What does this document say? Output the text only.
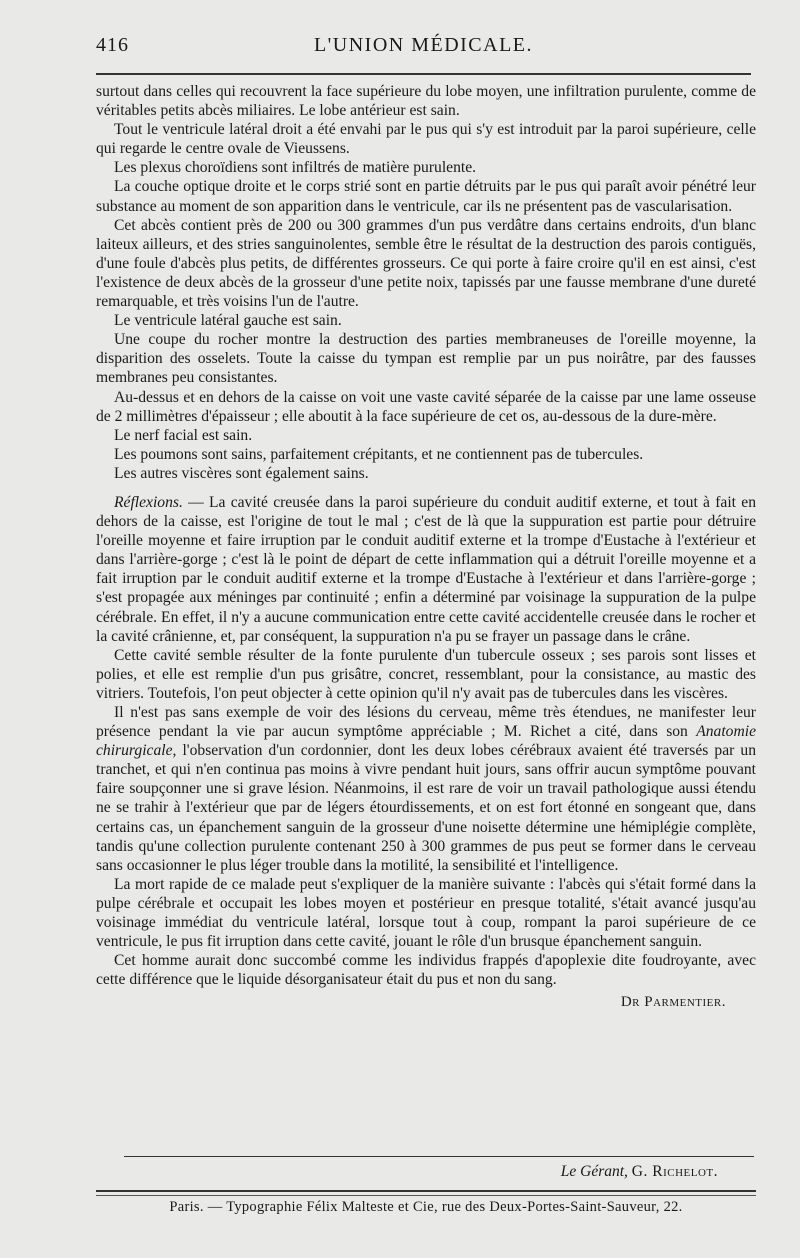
416	L'UNION MÉDICALE.

surtout dans celles qui recouvrent la face supérieure du lobe moyen, une infiltration purulente, comme de véritables petits abcès miliaires. Le lobe antérieur est sain.

Tout le ventricule latéral droit a été envahi par le pus qui s'y est introduit par la paroi supérieure, celle qui regarde le centre ovale de Vieussens.

Les plexus choroïdiens sont infiltrés de matière purulente.

La couche optique droite et le corps strié sont en partie détruits par le pus qui paraît avoir pénétré leur substance au moment de son apparition dans le ventricule, car ils ne présentent pas de vascularisation.

Cet abcès contient près de 200 ou 300 grammes d'un pus verdâtre dans certains endroits, d'un blanc laiteux ailleurs, et des stries sanguinolentes, semble être le résultat de la destruction des parois contiguës, d'une foule d'abcès plus petits, de différentes grosseurs. Ce qui porte à faire croire qu'il en est ainsi, c'est l'existence de deux abcès de la grosseur d'une petite noix, tapissés par une fausse membrane d'une dureté remarquable, et très voisins l'un de l'autre.

Le ventricule latéral gauche est sain.

Une coupe du rocher montre la destruction des parties membraneuses de l'oreille moyenne, la disparition des osselets. Toute la caisse du tympan est remplie par un pus noirâtre, par des fausses membranes peu consistantes.

Au-dessus et en dehors de la caisse on voit une vaste cavité séparée de la caisse par une lame osseuse de 2 millimètres d'épaisseur ; elle aboutit à la face supérieure de cet os, au-dessous de la dure-mère.

Le nerf facial est sain.

Les poumons sont sains, parfaitement crépitants, et ne contiennent pas de tubercules.

Les autres viscères sont également sains.

Réflexions. — La cavité creusée dans la paroi supérieure du conduit auditif externe, et tout à fait en dehors de la caisse, est l'origine de tout le mal ; c'est de là que la suppuration est partie pour détruire l'oreille moyenne et faire irruption par le conduit auditif externe et la trompe d'Eustache à l'extérieur et dans l'arrière-gorge ; c'est là le point de départ de cette inflammation qui a détruit l'oreille moyenne et a fait irruption par le conduit auditif externe et la trompe d'Eustache à l'extérieur et dans l'arrière-gorge ; s'est propagée aux méninges par continuité ; enfin a déterminé par voisinage la suppuration de la pulpe cérébrale. En effet, il n'y a aucune communication entre cette cavité accidentelle creusée dans le rocher et la cavité crânienne, et, par conséquent, la suppuration n'a pu se frayer un passage dans le crâne.

Cette cavité semble résulter de la fonte purulente d'un tubercule osseux ; ses parois sont lisses et polies, et elle est remplie d'un pus grisâtre, concret, ressemblant, pour la consistance, au mastic des vitriers. Toutefois, l'on peut objecter à cette opinion qu'il n'y avait pas de tubercules dans les viscères.

Il n'est pas sans exemple de voir des lésions du cerveau, même très étendues, ne manifester leur présence pendant la vie par aucun symptôme appréciable ; M. Richet a cité, dans son Anatomie chirurgicale, l'observation d'un cordonnier, dont les deux lobes cérébraux avaient été traversés par un tranchet, et qui n'en continua pas moins à vivre pendant huit jours, sans offrir aucun symptôme pouvant faire soupçonner une si grave lésion. Néanmoins, il est rare de voir un travail pathologique aussi étendu ne se trahir à l'extérieur que par de légers étourdissements, et on est fort étonné en songeant que, dans certains cas, un épanchement sanguin de la grosseur d'une noisette détermine une hémiplégie complète, tandis qu'une collection purulente contenant 250 à 300 grammes de pus peut se former dans le cerveau sans occasionner le plus léger trouble dans la motilité, la sensibilité et l'intelligence.

La mort rapide de ce malade peut s'expliquer de la manière suivante : l'abcès qui s'était formé dans la pulpe cérébrale et occupait les lobes moyen et postérieur en presque totalité, s'était avancé jusqu'au voisinage immédiat du ventricule latéral, lorsque tout à coup, rompant la paroi supérieure de ce ventricule, le pus fit irruption dans cette cavité, jouant le rôle d'un brusque épanchement sanguin.

Cet homme aurait donc succombé comme les individus frappés d'apoplexie dite foudroyante, avec cette différence que le liquide désorganisateur était du pus et non du sang.

Dr Parmentier.
Le Gérant, G. Richelot.
Paris. — Typographie Félix Malteste et Cie, rue des Deux-Portes-Saint-Sauveur, 22.
